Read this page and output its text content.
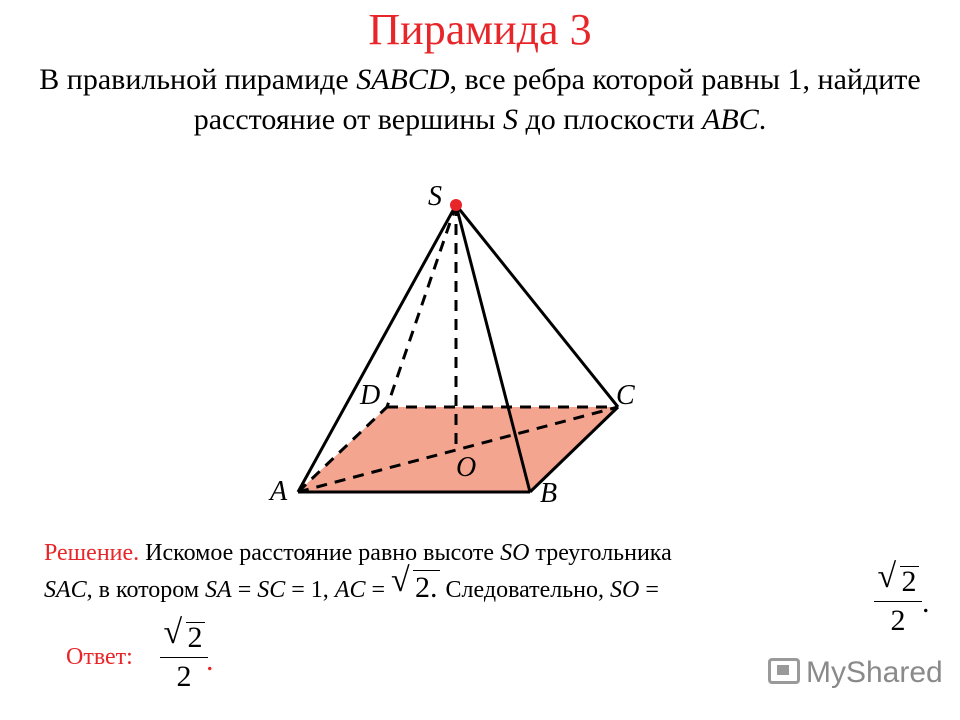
Пирамида 3
В правильной пирамиде SABCD, все ребра которой равны 1, найдите расстояние от вершины S до плоскости ABC.
S
D	C
O
A	B
Решение. Искомое расстояние равно высоте SO треугольника
SAC, в котором SA = SC = 1, AC = √ 2. Следовательно, SO =	√ 2
2
.
Ответ:
√ 2
2 .	MyShared
